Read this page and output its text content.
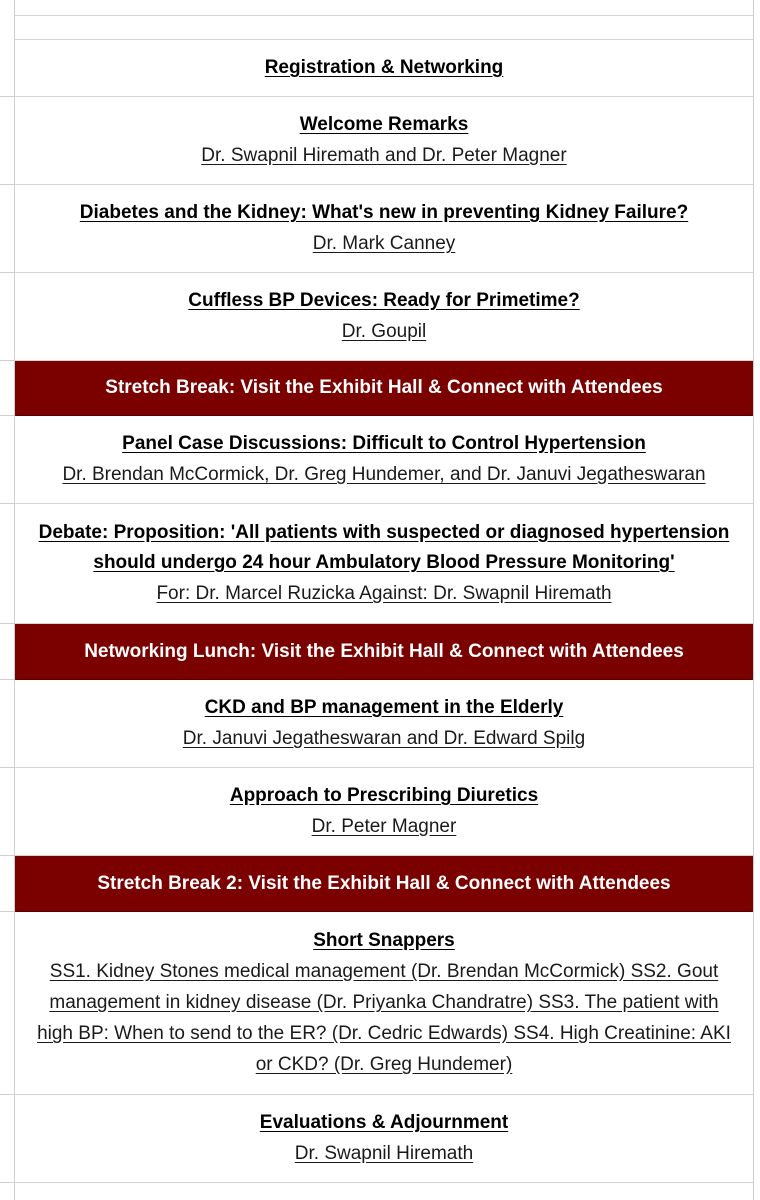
Registration & Networking
Welcome Remarks
Dr. Swapnil Hiremath and Dr. Peter Magner
Diabetes and the Kidney: What's new in preventing Kidney Failure?
Dr. Mark Canney
Cuffless BP Devices: Ready for Primetime?
Dr. Goupil
Stretch Break: Visit the Exhibit Hall & Connect with Attendees
Panel Case Discussions: Difficult to Control Hypertension
Dr. Brendan McCormick, Dr. Greg Hundemer, and Dr. Januvi Jegatheswaran
Debate: Proposition: 'All patients with suspected or diagnosed hypertension should undergo 24 hour Ambulatory Blood Pressure Monitoring'
For: Dr. Marcel Ruzicka Against: Dr. Swapnil Hiremath
Networking Lunch: Visit the Exhibit Hall & Connect with Attendees
CKD and BP management in the Elderly
Dr. Januvi Jegatheswaran and Dr. Edward Spilg
Approach to Prescribing Diuretics
Dr. Peter Magner
Stretch Break 2: Visit the Exhibit Hall & Connect with Attendees
Short Snappers
SS1. Kidney Stones medical management (Dr. Brendan McCormick) SS2. Gout management in kidney disease (Dr. Priyanka Chandratre) SS3. The patient with high BP: When to send to the ER? (Dr. Cedric Edwards) SS4. High Creatinine: AKI or CKD? (Dr. Greg Hundemer)
Evaluations & Adjournment
Dr. Swapnil Hiremath
